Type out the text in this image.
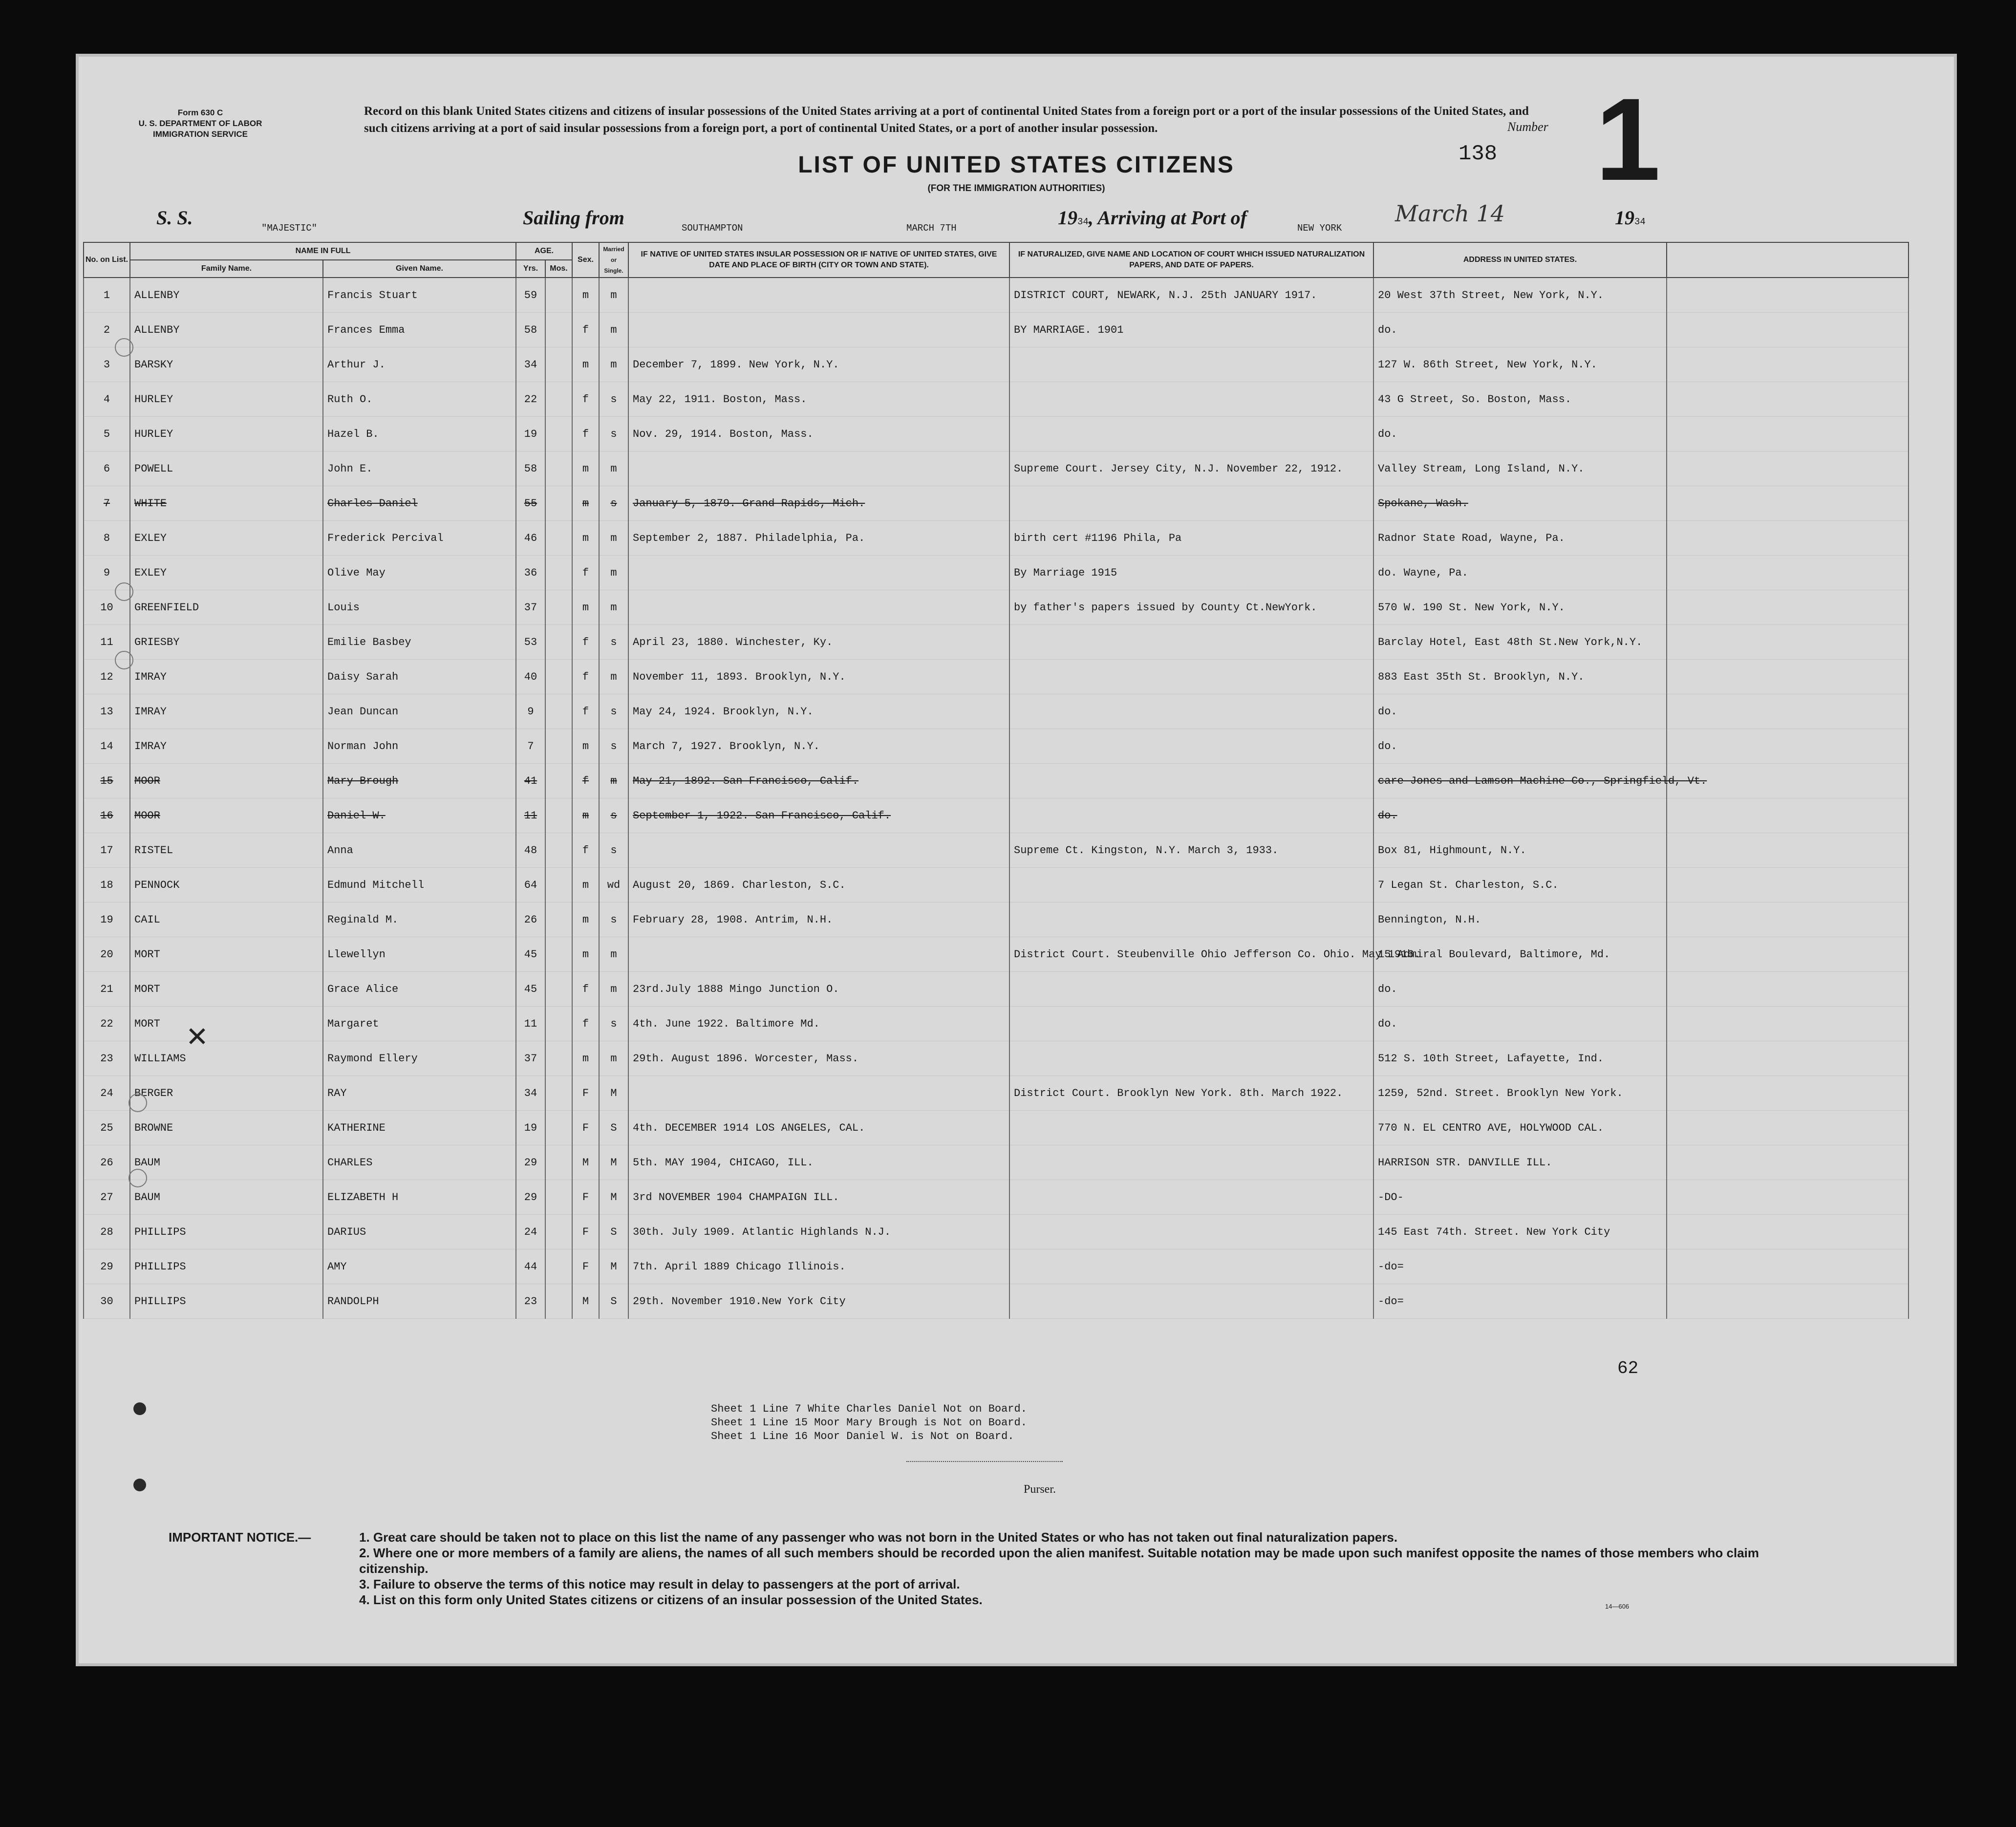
Form 630 C
U. S. DEPARTMENT OF LABOR
IMMIGRATION SERVICE
Record on this blank United States citizens and citizens of insular possessions of the United States arriving at a port of continental United States from a foreign port or a port of the insular possessions of the United States, and such citizens arriving at a port of said insular possessions from a foreign port, a port of continental United States, or a port of another insular possession.	Number
138 1
LIST OF UNITED STATES CITIZENS
(FOR THE IMMIGRATION AUTHORITIES)
S. S.	"MAJESTIC"	Sailing from	SOUTHAMPTON	MARCH 7TH	1934, Arriving at Port of	NEW YORK
March 14	1934
No. on List.	NAME IN FULL		AGE.		Sex.	Married or Single.	IF NATIVE OF UNITED STATES INSULAR POSSESSION OR IF NATIVE OF UNITED STATES, GIVE DATE AND PLACE OF BIRTH (CITY OR TOWN AND STATE).	IF NATURALIZED, GIVE NAME AND LOCATION OF COURT WHICH ISSUED NATURALIZATION PAPERS, AND DATE OF PAPERS.	ADDRESS IN UNITED STATES.	
	Family Name.	Given Name.	Yrs.	Mos.						
1	ALLENBY	Francis Stuart	59		m	m		DISTRICT COURT, NEWARK, N.J. 25th JANUARY 1917.	20 West 37th Street, New York, N.Y.	
2	ALLENBY	Frances Emma	58		f	m		BY MARRIAGE. 1901	do.	
3	BARSKY	Arthur J.	34		m	m	December 7, 1899. New York, N.Y.		127 W. 86th Street, New York, N.Y.	
4	HURLEY	Ruth O.	22		f	s	May 22, 1911. Boston, Mass.		43 G Street, So. Boston, Mass.	
5	HURLEY	Hazel B.	19		f	s	Nov. 29, 1914. Boston, Mass.		do.	
6	POWELL	John E.	58		m	m		Supreme Court. Jersey City, N.J. November 22, 1912.	Valley Stream, Long Island, N.Y.	
7	WHITE	Charles Daniel	55		m	s	January 5, 1879. Grand Rapids, Mich.		Spokane, Wash.	
8	EXLEY	Frederick Percival	46		m	m	September 2, 1887. Philadelphia, Pa.	birth cert #1196 Phila, Pa	Radnor State Road, Wayne, Pa.	
9	EXLEY	Olive May	36		f	m		By Marriage 1915	do. Wayne, Pa.	
10	GREENFIELD	Louis	37		m	m		by father's papers issued by County Ct.NewYork.	570 W. 190 St. New York, N.Y.	
11	GRIESBY	Emilie Basbey	53		f	s	April 23, 1880. Winchester, Ky.		Barclay Hotel, East 48th St.New York,N.Y.	
12	IMRAY	Daisy Sarah	40		f	m	November 11, 1893. Brooklyn, N.Y.		883 East 35th St. Brooklyn, N.Y.	
13	IMRAY	Jean Duncan	9		f	s	May 24, 1924. Brooklyn, N.Y.		do.	
14	IMRAY	Norman John	7		m	s	March 7, 1927. Brooklyn, N.Y.		do.	
15	MOOR	Mary Brough	41		f	m	May 21, 1892. San Francisco, Calif.		care Jones and Lamson Machine Co., Springfield, Vt.	
16	MOOR	Daniel W.	11		m	s	September 1, 1922. San Francisco, Calif.		do.	
17	RISTEL	Anna	48		f	s		Supreme Ct. Kingston, N.Y. March 3, 1933.	Box 81, Highmount, N.Y.	
18	PENNOCK	Edmund Mitchell	64		m	wd	August 20, 1869. Charleston, S.C.		7 Legan St. Charleston, S.C.	
19	CAIL	Reginald M.	26		m	s	February 28, 1908. Antrim, N.H.		Bennington, N.H.	
20	MORT	Llewellyn	45		m	m		District Court. Steubenville Ohio Jefferson Co. Ohio. May 1916.	15 Admiral Boulevard, Baltimore, Md.	
21	MORT	Grace Alice	45		f	m	23rd.July 1888 Mingo Junction O.		do.	
22	MORT	Margaret	11		f	s	4th. June 1922. Baltimore Md.		do.	
23	WILLIAMS	Raymond Ellery	37		m	m	29th. August 1896. Worcester, Mass.		512 S. 10th Street, Lafayette, Ind.	
24	BERGER	RAY	34		F	M		District Court. Brooklyn New York. 8th. March 1922.	1259, 52nd. Street. Brooklyn New York.	
25	BROWNE	KATHERINE	19		F	S	4th. DECEMBER 1914 LOS ANGELES, CAL.		770 N. EL CENTRO AVE, HOLYWOOD CAL.	
26	BAUM	CHARLES	29		M	M	5th. MAY 1904, CHICAGO, ILL.		HARRISON STR. DANVILLE ILL.	
27	BAUM	ELIZABETH H	29		F	M	3rd NOVEMBER 1904 CHAMPAIGN ILL.		-DO-	
28	PHILLIPS	DARIUS	24		F	S	30th. July 1909. Atlantic Highlands N.J.		145 East 74th. Street. New York City	
29	PHILLIPS	AMY	44		F	M	7th. April 1889 Chicago Illinois.		-do=	
30	PHILLIPS	RANDOLPH	23		M	S	29th. November 1910.New York City		-do=	
Sheet 1 Line 7 White Charles Daniel Not on Board.
Sheet 1 Line 15 Moor Mary Brough is Not on Board.
Sheet 1 Line 16 Moor Daniel W. is Not on Board.
62
Purser.
IMPORTANT NOTICE.—	1. Great care should be taken not to place on this list the name of any passenger who was not born in the United States or who has not taken out final naturalization papers.
2. Where one or more members of a family are aliens, the names of all such members should be recorded upon the alien manifest. Suitable notation may be made upon such manifest opposite the names of those members who claim citizenship.
3. Failure to observe the terms of this notice may result in delay to passengers at the port of arrival.
4. List on this form only United States citizens or citizens of an insular possession of the United States.	14—606
✕
